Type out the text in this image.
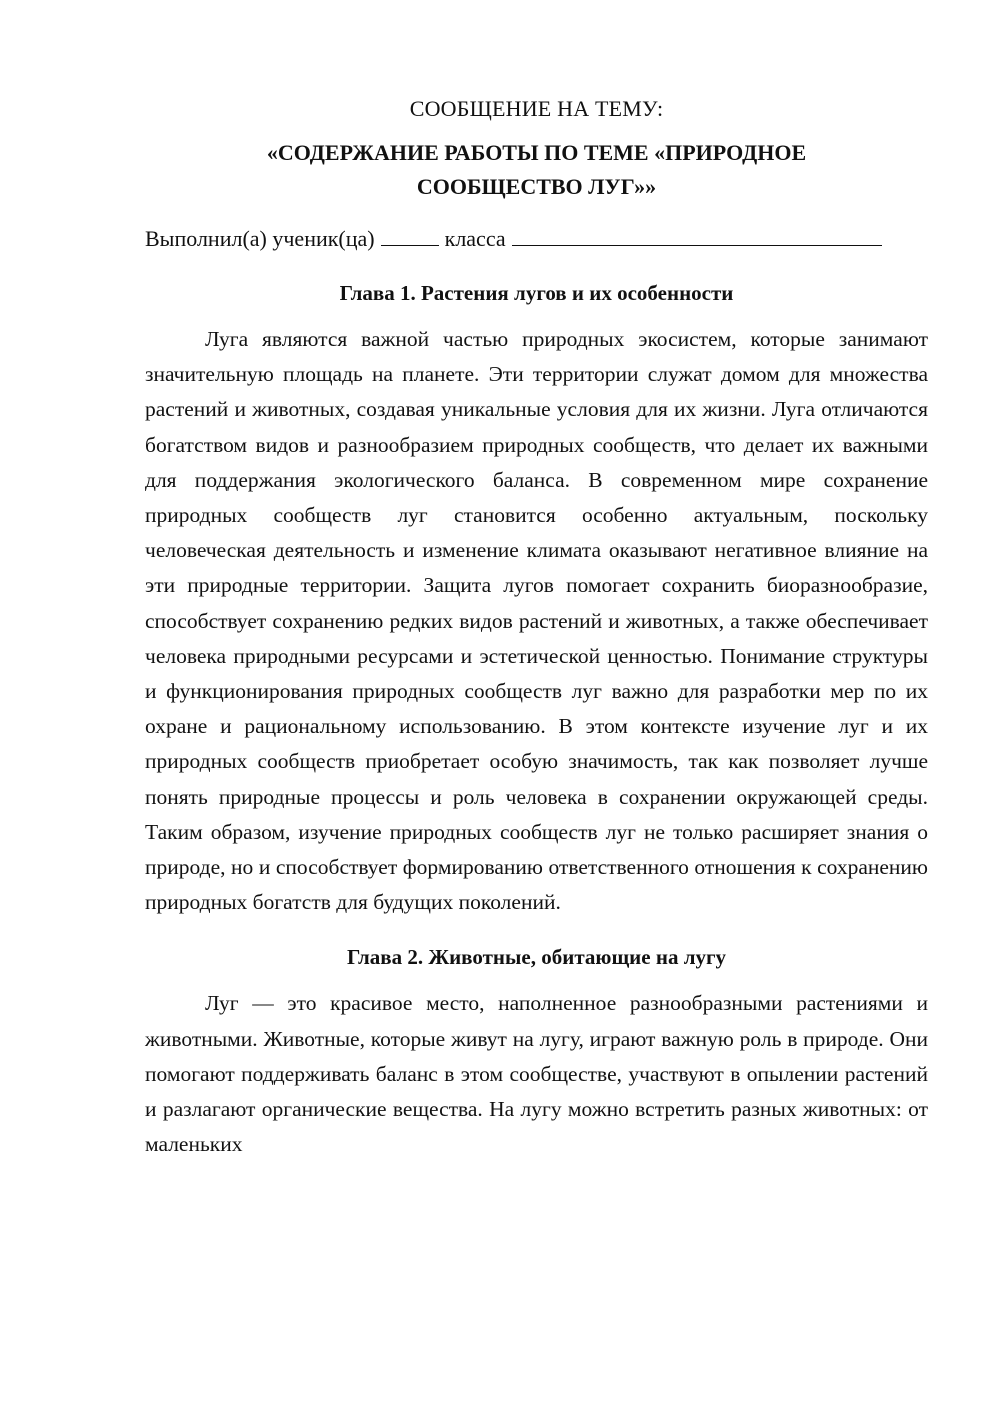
СООБЩЕНИЕ НА ТЕМУ:

«СОДЕРЖАНИЕ РАБОТЫ ПО ТЕМЕ «ПРИРОДНОЕ СООБЩЕСТВО ЛУГ»»

Выполнил(а) ученик(ца)	класса

Глава 1. Растения лугов и их особенности

Луга являются важной частью природных экосистем, которые занимают значительную площадь на планете. Эти территории служат домом для множества растений и животных, создавая уникальные условия для их жизни. Луга отличаются богатством видов и разнообразием природных сообществ, что делает их важными для поддержания экологического баланса. В современном мире сохранение природных сообществ луг становится особенно актуальным, поскольку человеческая деятельность и изменение климата оказывают негативное влияние на эти природные территории. Защита лугов помогает сохранить биоразнообразие, способствует сохранению редких видов растений и животных, а также обеспечивает человека природными ресурсами и эстетической ценностью. Понимание структуры и функционирования природных сообществ луг важно для разработки мер по их охране и рациональному использованию. В этом контексте изучение луг и их природных сообществ приобретает особую значимость, так как позволяет лучше понять природные процессы и роль человека в сохранении окружающей среды. Таким образом, изучение природных сообществ луг не только расширяет знания о природе, но и способствует формированию ответственного отношения к сохранению природных богатств для будущих поколений.

Глава 2. Животные, обитающие на лугу

Луг — это красивое место, наполненное разнообразными растениями и животными. Животные, которые живут на лугу, играют важную роль в природе. Они помогают поддерживать баланс в этом сообществе, участвуют в опылении растений и разлагают органические вещества. На лугу можно встретить разных животных: от маленьких
